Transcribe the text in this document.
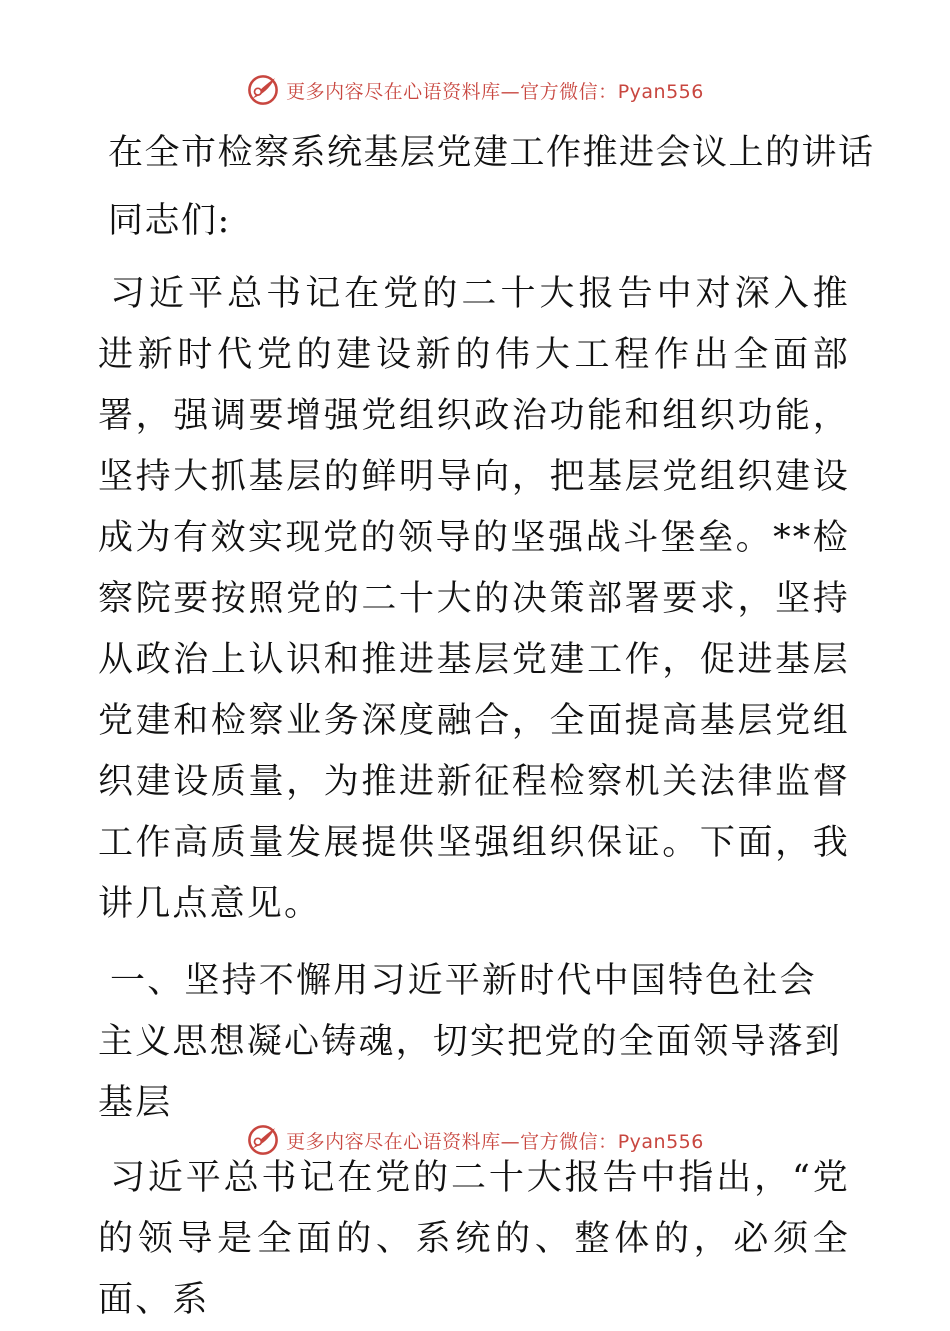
更多内容尽在心语资料库—官方微信：Pyan556
在全市检察系统基层党建工作推进会议上的讲话
同志们:
习近平总书记在党的二十大报告中对深入推进新时代党的建设新的伟大工程作出全面部署，强调要增强党组织政治功能和组织功能，坚持大抓基层的鲜明导向，把基层党组织建设成为有效实现党的领导的坚强战斗堡垒。**检察院要按照党的二十大的决策部署要求，坚持从政治上认识和推进基层党建工作，促进基层党建和检察业务深度融合，全面提高基层党组织建设质量，为推进新征程检察机关法律监督工作高质量发展提供坚强组织保证。下面，我讲几点意见。
一、坚持不懈用习近平新时代中国特色社会主义思想凝心铸魂，切实把党的全面领导落到基层
习近平总书记在党的二十大报告中指出，“党的领导是全面的、系统的、整体的，必须全面、系
更多内容尽在心语资料库—官方微信：Pyan556
